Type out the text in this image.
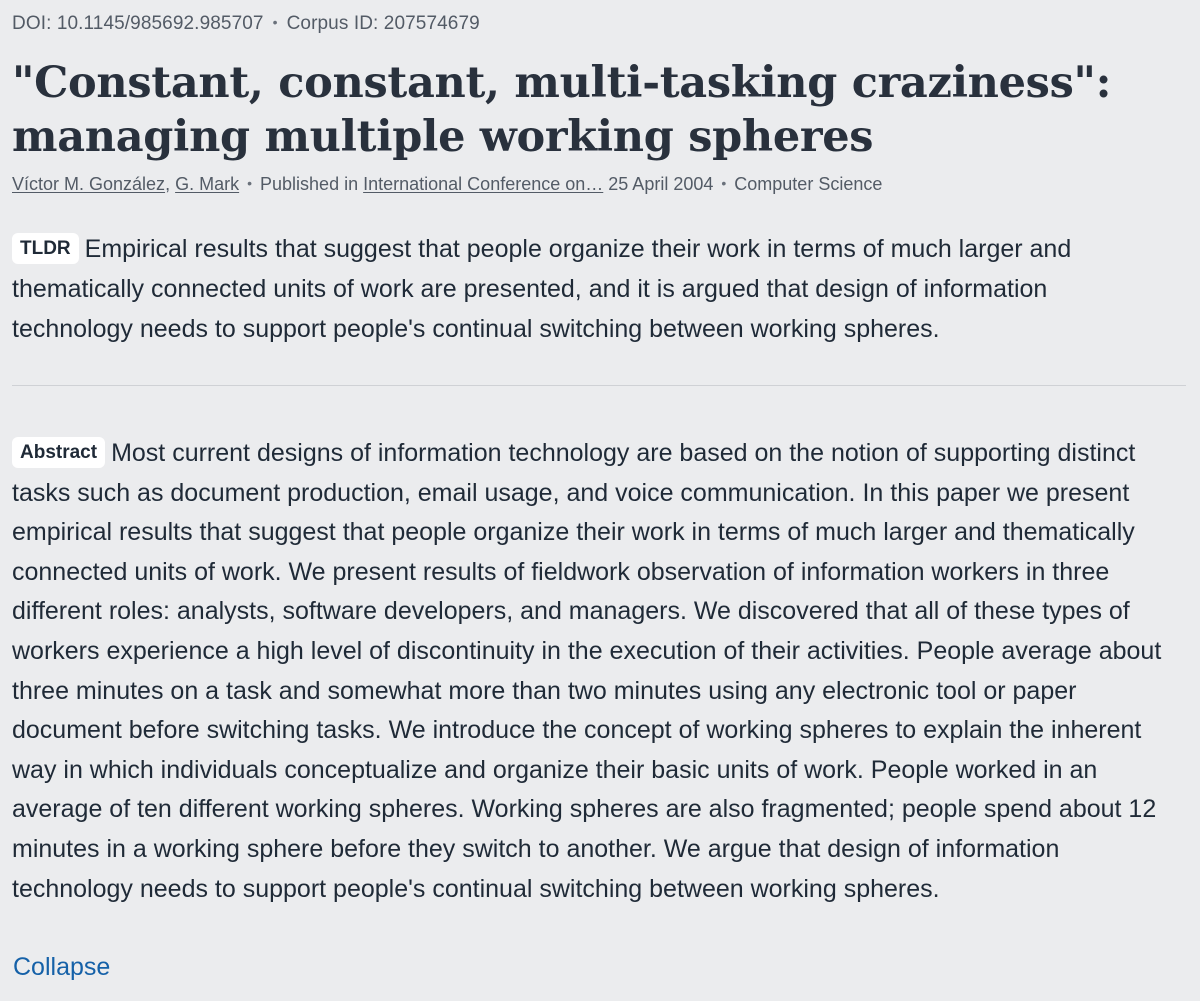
DOI: 10.1145/985692.985707 • Corpus ID: 207574679
"Constant, constant, multi-tasking craziness": managing multiple working spheres
Víctor M. González, G. Mark • Published in International Conference on… 25 April 2004 • Computer Science

TLDR Empirical results that suggest that people organize their work in terms of much larger and thematically connected units of work are presented, and it is argued that design of information technology needs to support people's continual switching between working spheres.

Abstract Most current designs of information technology are based on the notion of supporting distinct tasks such as document production, email usage, and voice communication. In this paper we present empirical results that suggest that people organize their work in terms of much larger and thematically connected units of work. We present results of fieldwork observation of information workers in three different roles: analysts, software developers, and managers. We discovered that all of these types of workers experience a high level of discontinuity in the execution of their activities. People average about three minutes on a task and somewhat more than two minutes using any electronic tool or paper document before switching tasks. We introduce the concept of working spheres to explain the inherent way in which individuals conceptualize and organize their basic units of work. People worked in an average of ten different working spheres. Working spheres are also fragmented; people spend about 12 minutes in a working sphere before they switch to another. We argue that design of information technology needs to support people's continual switching between working spheres.

Collapse
